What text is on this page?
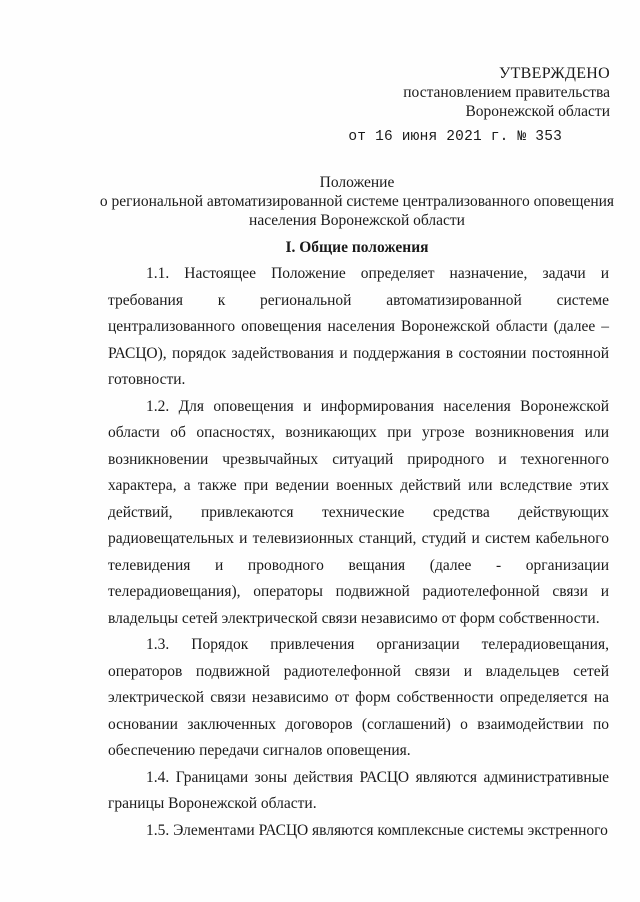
УТВЕРЖДЕНО
постановлением правительства
Воронежской области
от 16 июня 2021 г. № 353
Положение
о региональной автоматизированной системе централизованного оповещения
населения Воронежской области
I. Общие положения

1.1. Настоящее Положение определяет назначение, задачи и требования к региональной автоматизированной системе централизованного оповещения населения Воронежской области (далее – РАСЦО), порядок задействования и поддержания в состоянии постоянной готовности.

1.2. Для оповещения и информирования населения Воронежской области об опасностях, возникающих при угрозе возникновения или возникновении чрезвычайных ситуаций природного и техногенного характера, а также при ведении военных действий или вследствие этих действий, привлекаются технические средства действующих радиовещательных и телевизионных станций, студий и систем кабельного телевидения и проводного вещания (далее - организации телерадиовещания), операторы подвижной радиотелефонной связи и владельцы сетей электрической связи независимо от форм собственности.

1.3. Порядок привлечения организации телерадиовещания, операторов подвижной радиотелефонной связи и владельцев сетей электрической связи независимо от форм собственности определяется на основании заключенных договоров (соглашений) о взаимодействии по обеспечению передачи сигналов оповещения.

1.4. Границами зоны действия РАСЦО являются административные границы Воронежской области.

1.5. Элементами РАСЦО являются комплексные системы экстренного
